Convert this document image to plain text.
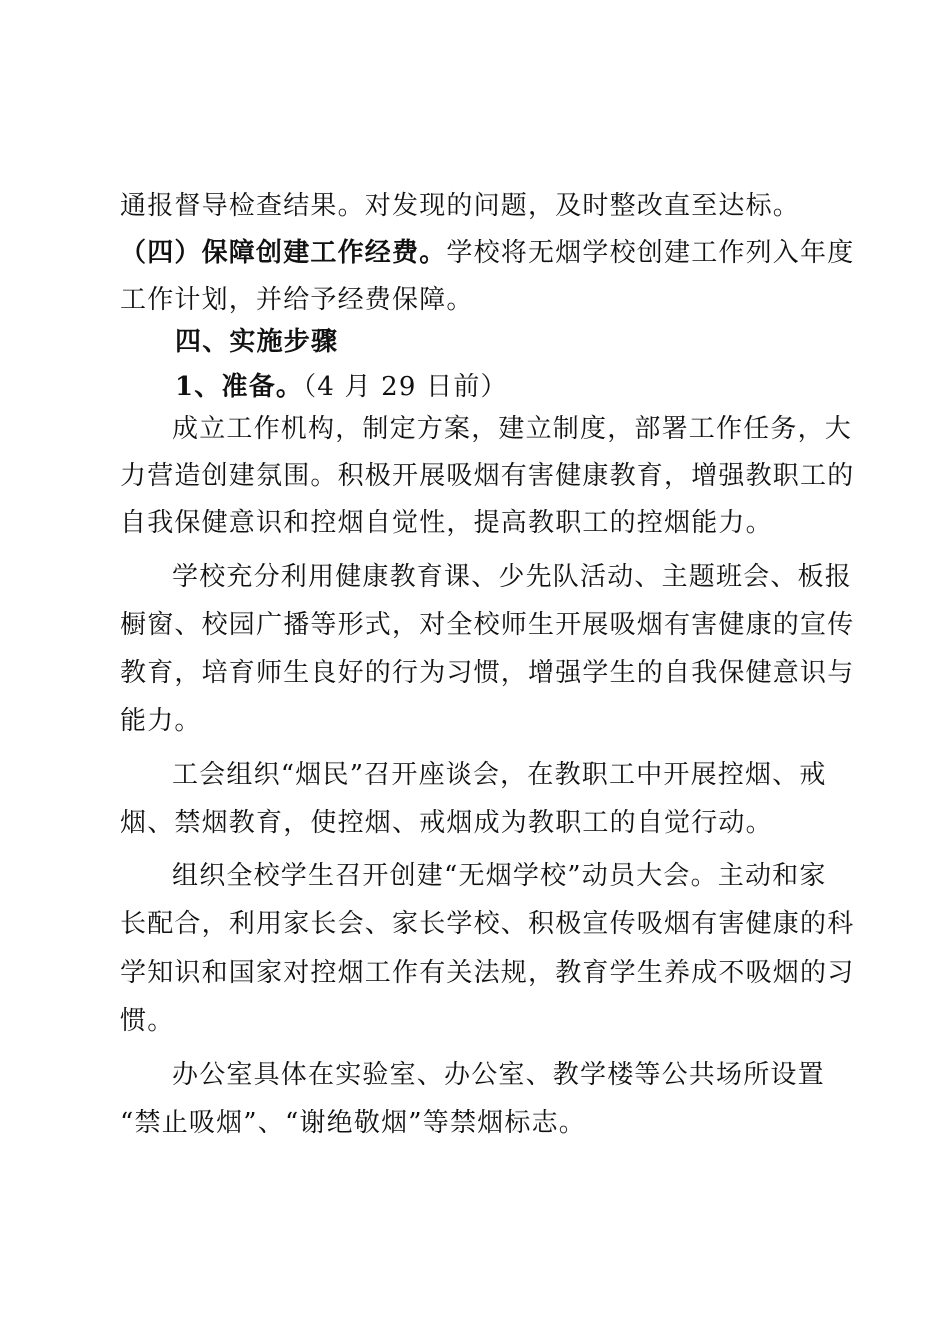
通报督导检查结果。对发现的问题，及时整改直至达标。
（四）保障创建工作经费。学校将无烟学校创建工作列入年度
工作计划，并给予经费保障。
四、实施步骤
1、准备。（4 月 29 日前）
成立工作机构，制定方案，建立制度，部署工作任务，大
力营造创建氛围。积极开展吸烟有害健康教育，增强教职工的
自我保健意识和控烟自觉性，提高教职工的控烟能力。
学校充分利用健康教育课、少先队活动、主题班会、板报
橱窗、校园广播等形式，对全校师生开展吸烟有害健康的宣传
教育，培育师生良好的行为习惯，增强学生的自我保健意识与
能力。
工会组织“烟民”召开座谈会，在教职工中开展控烟、戒
烟、禁烟教育，使控烟、戒烟成为教职工的自觉行动。
组织全校学生召开创建“无烟学校”动员大会。主动和家
长配合，利用家长会、家长学校、积极宣传吸烟有害健康的科
学知识和国家对控烟工作有关法规，教育学生养成不吸烟的习
惯。
办公室具体在实验室、办公室、教学楼等公共场所设置
“禁止吸烟”、“谢绝敬烟”等禁烟标志。
